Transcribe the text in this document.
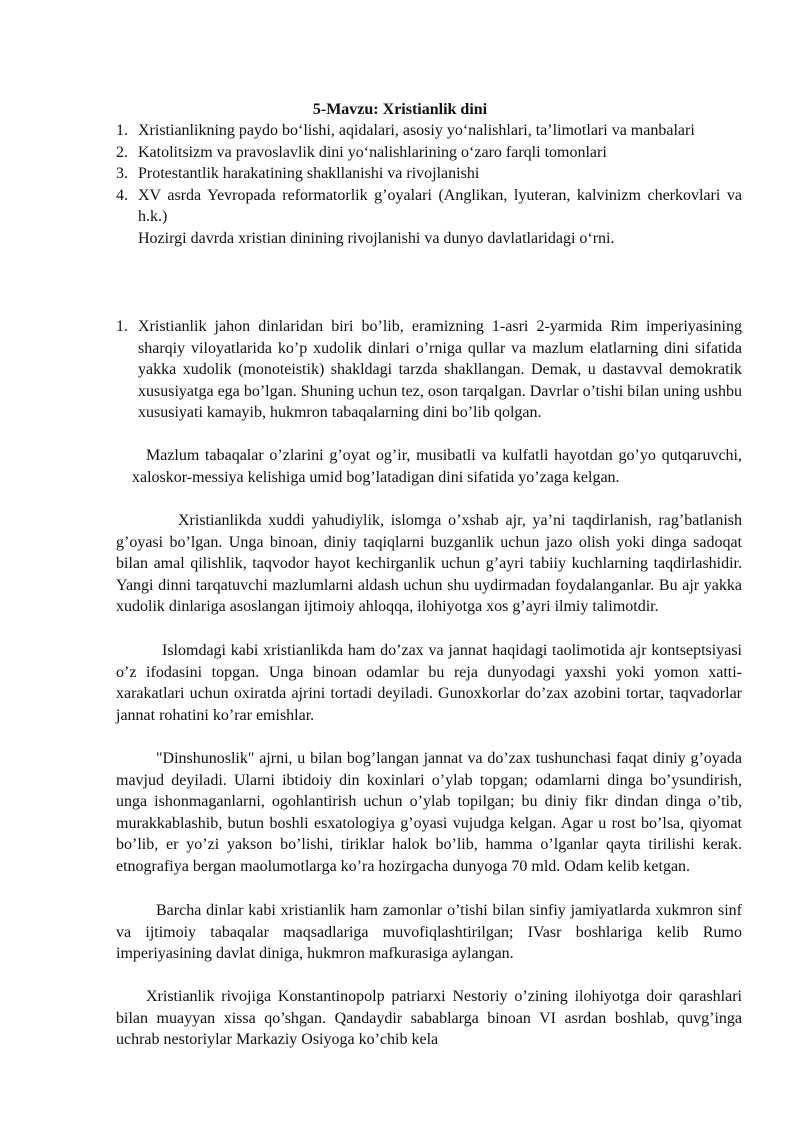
5-Mavzu: Xristianlik dini
1. Xristianlikning paydo bo‘lishi, aqidalari, asosiy yo‘nalishlari, ta’limotlari va manbalari
2. Katolitsizm va pravoslavlik dini yo‘nalishlarining o‘zaro farqli tomonlari
3. Protestantlik harakatining shakllanishi va rivojlanishi
4. XV asrda Yevropada reformatorlik g’oyalari (Anglikan, lyuteran, kalvinizm cherkovlari va h.k.)
Hozirgi davrda xristian dinining rivojlanishi va dunyo davlatlaridagi o‘rni.
1. Xristianlik jahon dinlaridan biri bo’lib, eramizning 1-asri 2-yarmida Rim imperiyasining sharqiy viloyatlarida ko’p xudolik dinlari o’rniga qullar va mazlum elatlarning dini sifatida yakka xudolik (monoteistik) shakldagi tarzda shakllangan. Demak, u dastavval demokratik xususiyatga ega bo’lgan. Shuning uchun tez, oson tarqalgan. Davrlar o’tishi bilan uning ushbu xususiyati kamayib, hukmron tabaqalarning dini bo’lib qolgan.

Mazlum tabaqalar o’zlarini g’oyat og’ir, musibatli va kulfatli hayotdan go’yo qutqaruvchi, xaloskor-messiya kelishiga umid bog’latadigan dini sifatida yo’zaga kelgan.

Xristianlikda xuddi yahudiylik, islomga o’xshab ajr, ya’ni taqdirlanish, rag’batlanish g’oyasi bo’lgan. Unga binoan, diniy taqiqlarni buzganlik uchun jazo olish yoki dinga sadoqat bilan amal qilishlik, taqvodor hayot kechirganlik uchun g’ayri tabiiy kuchlarning taqdirlashidir. Yangi dinni tarqatuvchi mazlumlarni aldash uchun shu uydirmadan foydalanganlar. Bu ajr yakka xudolik dinlariga asoslangan ijtimoiy ahloqqa, ilohiyotga xos g’ayri ilmiy talimotdir.

Islomdagi kabi xristianlikda ham do’zax va jannat haqidagi taolimotida ajr kontseptsiyasi o’z ifodasini topgan. Unga binoan odamlar bu reja dunyodagi yaxshi yoki yomon xatti-xarakatlari uchun oxiratda ajrini tortadi deyiladi. Gunoxkorlar do’zax azobini tortar, taqvadorlar jannat rohatini ko’rar emishlar.

"Dinshunoslik" ajrni, u bilan bog’langan jannat va do’zax tushunchasi faqat diniy g’oyada mavjud deyiladi. Ularni ibtidoiy din koxinlari o’ylab topgan; odamlarni dinga bo’ysundirish, unga ishonmaganlarni, ogohlantirish uchun o’ylab topilgan; bu diniy fikr dindan dinga o’tib, murakkablashib, butun boshli esxatologiya g’oyasi vujudga kelgan. Agar u rost bo’lsa, qiyomat bo’lib, er yo’zi yakson bo’lishi, tiriklar halok bo’lib, hamma o’lganlar qayta tirilishi kerak. etnografiya bergan maolumotlarga ko’ra hozirgacha dunyoga 70 mld. Odam kelib ketgan.

Barcha dinlar kabi xristianlik ham zamonlar o’tishi bilan sinfiy jamiyatlarda xukmron sinf va ijtimoiy tabaqalar maqsadlariga muvofiqlashtirilgan; IVasr boshlariga kelib Rumo imperiyasining davlat diniga, hukmron mafkurasiga aylangan.

Xristianlik rivojiga Konstantinopolp patriarxi Nestoriy o’zining ilohiyotga doir qarashlari bilan muayyan xissa qo’shgan. Qandaydir sabablarga binoan VI asrdan boshlab, quvg’inga uchrab nestoriylar Markaziy Osiyoga ko’chib kela
